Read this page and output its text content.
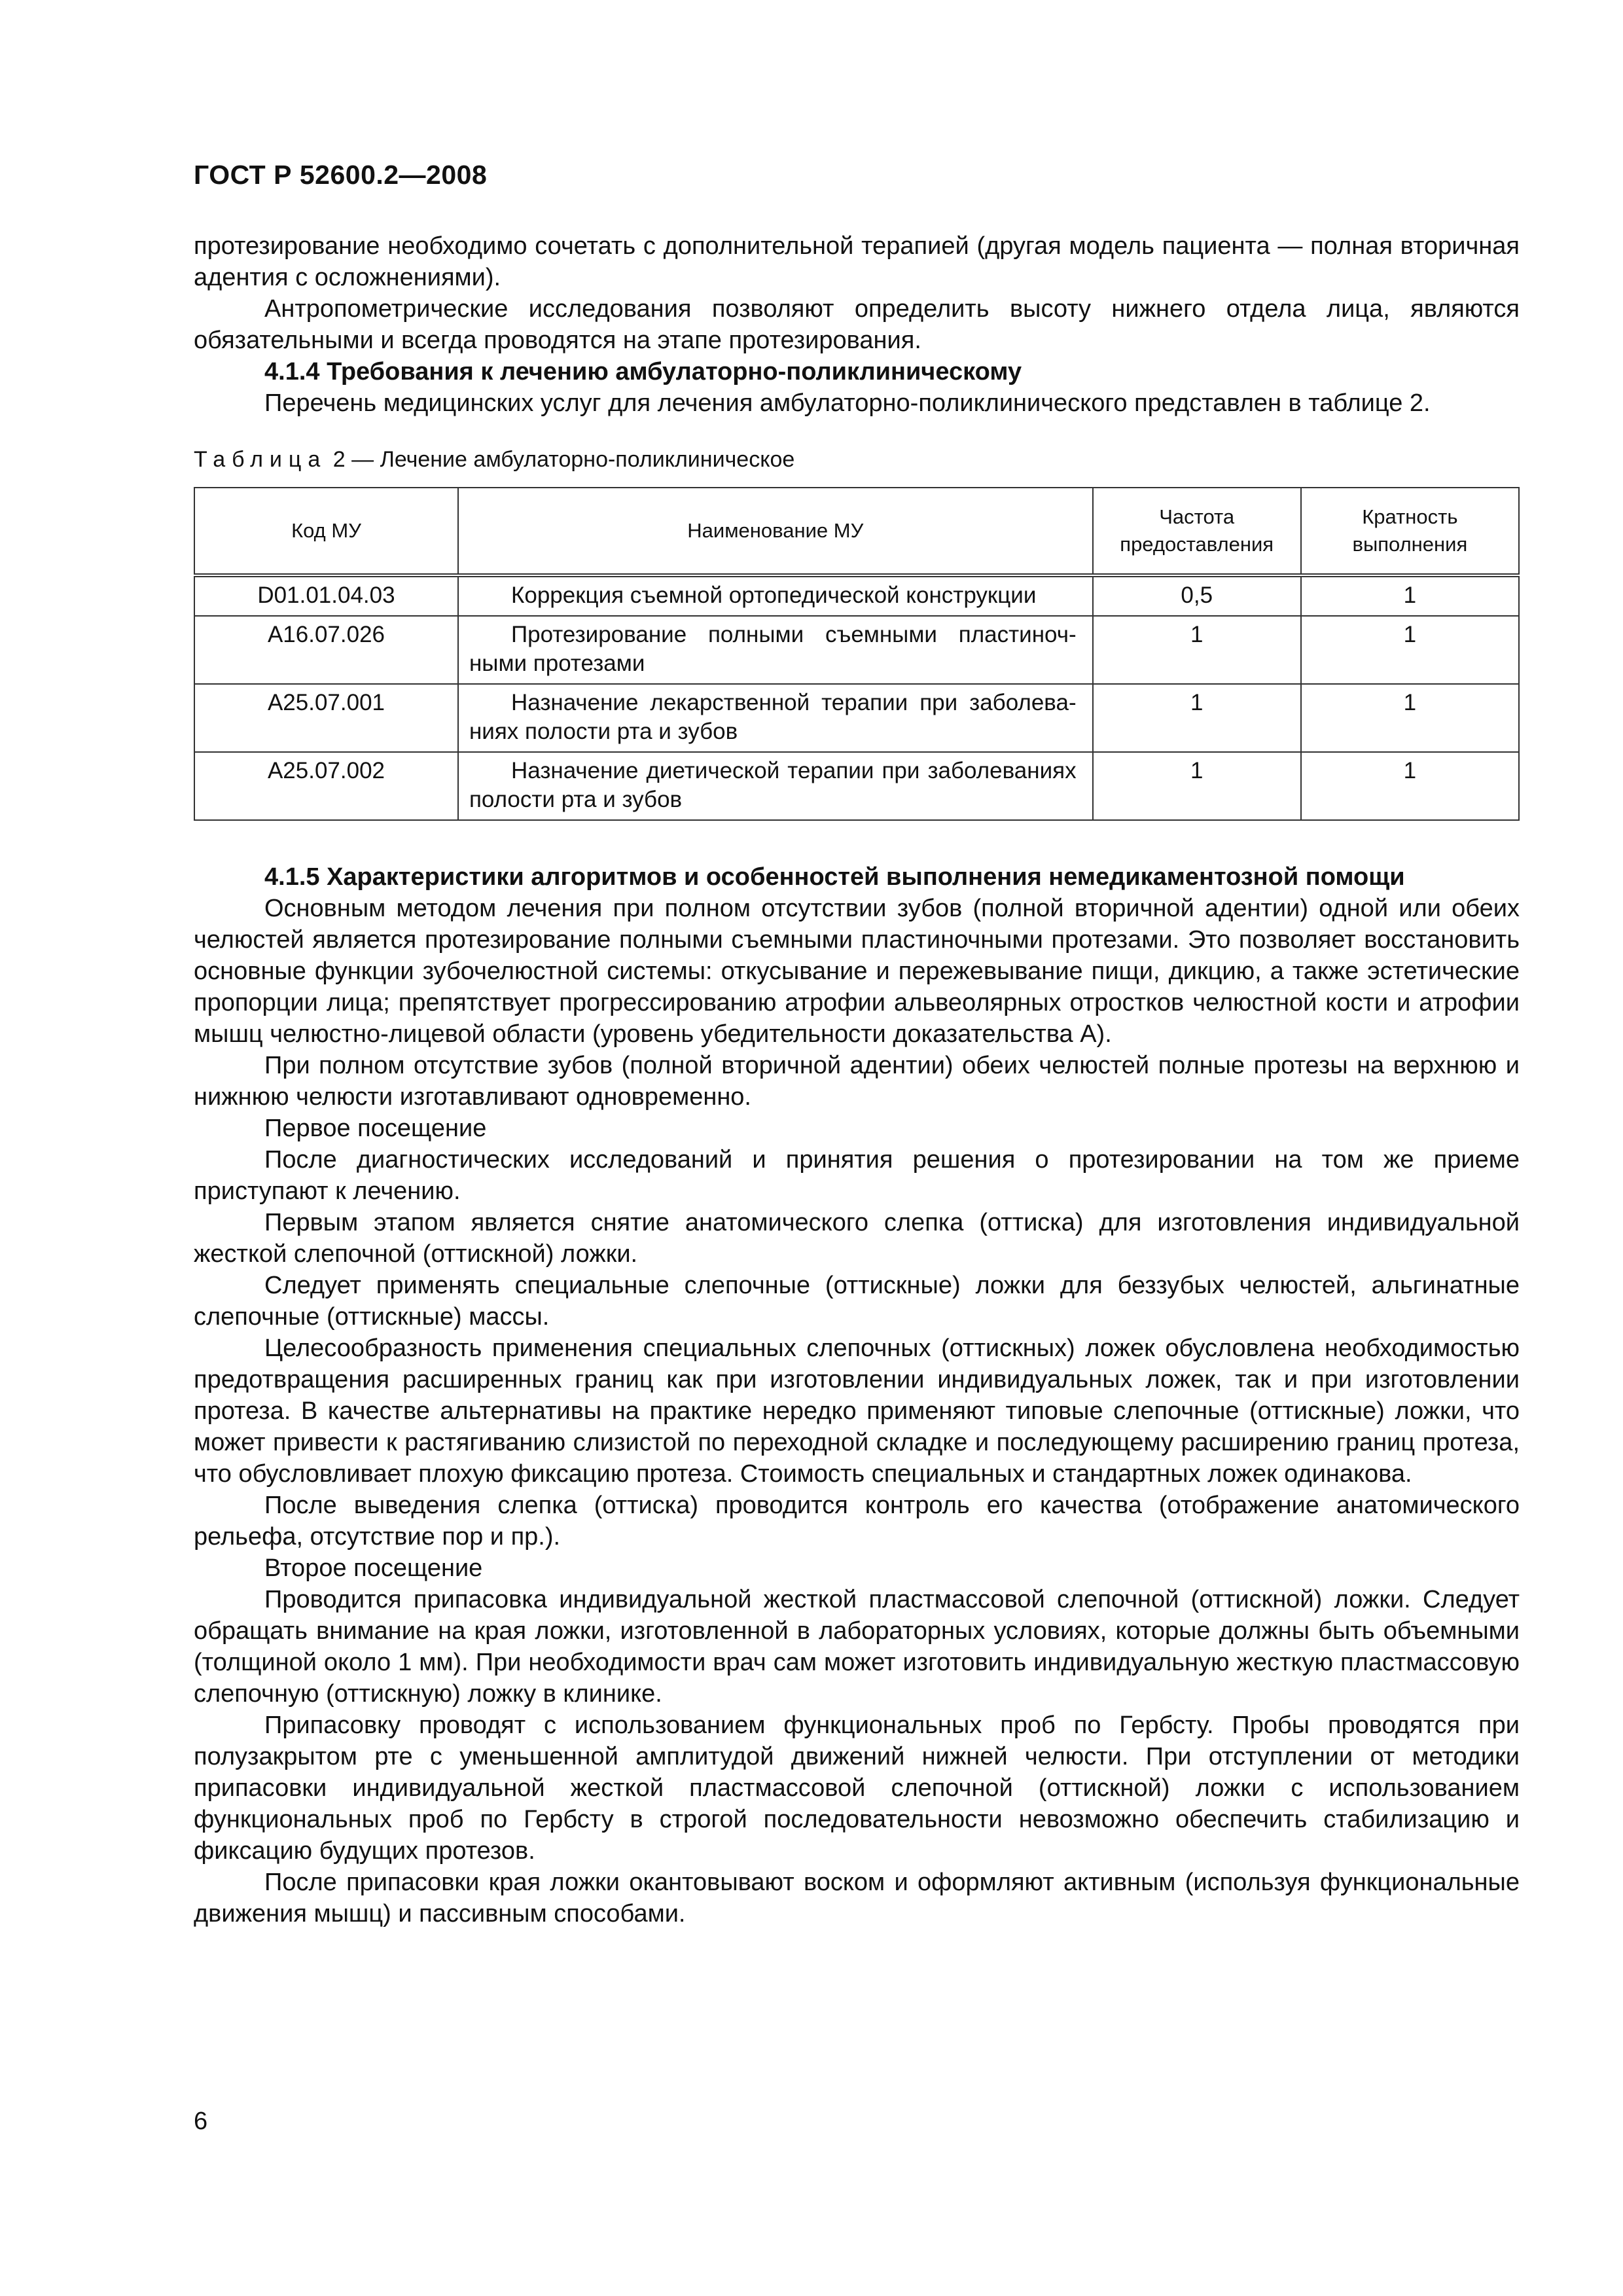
ГОСТ Р 52600.2—2008

протезирование необходимо сочетать с дополнительной терапией (другая модель пациента — полная вторичная адентия с осложнениями).

Антропометрические исследования позволяют определить высоту нижнего отдела лица, являются обязательными и всегда проводятся на этапе протезирования.

4.1.4 Требования к лечению амбулаторно-поликлиническому

Перечень медицинских услуг для лечения амбулаторно-поликлинического представлен в таблице 2.

Таблица 2 — Лечение амбулаторно-поликлиническое
Код МУ	Наименование МУ	Частота предоставления	Кратность выполнения
D01.01.04.03	Коррекция съемной ортопедической конструкции	0,5	1
А16.07.026	Протезирование полными съемными пластиночными протезами	1	1
А25.07.001	Назначение лекарственной терапии при заболеваниях полости рта и зубов	1	1
А25.07.002	Назначение диетической терапии при заболеваниях полости рта и зубов	1	1

4.1.5 Характеристики алгоритмов и особенностей выполнения немедикаментозной помощи

Основным методом лечения при полном отсутствии зубов (полной вторичной адентии) одной или обеих челюстей является протезирование полными съемными пластиночными протезами. Это позволяет восстановить основные функции зубочелюстной системы: откусывание и пережевывание пищи, дикцию, а также эстетические пропорции лица; препятствует прогрессированию атрофии альвеолярных отростков челюстной кости и атрофии мышц челюстно-лицевой области (уровень убедительности доказательства А).

При полном отсутствие зубов (полной вторичной адентии) обеих челюстей полные протезы на верхнюю и нижнюю челюсти изготавливают одновременно.

Первое посещение

После диагностических исследований и принятия решения о протезировании на том же приеме приступают к лечению.

Первым этапом является снятие анатомического слепка (оттиска) для изготовления индивидуальной жесткой слепочной (оттискной) ложки.

Следует применять специальные слепочные (оттискные) ложки для беззубых челюстей, альгинатные слепочные (оттискные) массы.

Целесообразность применения специальных слепочных (оттискных) ложек обусловлена необходимостью предотвращения расширенных границ как при изготовлении индивидуальных ложек, так и при изготовлении протеза. В качестве альтернативы на практике нередко применяют типовые слепочные (оттискные) ложки, что может привести к растягиванию слизистой по переходной складке и последующему расширению границ протеза, что обусловливает плохую фиксацию протеза. Стоимость специальных и стандартных ложек одинакова.

После выведения слепка (оттиска) проводится контроль его качества (отображение анатомического рельефа, отсутствие пор и пр.).

Второе посещение

Проводится припасовка индивидуальной жесткой пластмассовой слепочной (оттискной) ложки. Следует обращать внимание на края ложки, изготовленной в лабораторных условиях, которые должны быть объемными (толщиной около 1 мм). При необходимости врач сам может изготовить индивидуальную жесткую пластмассовую слепочную (оттискную) ложку в клинике.

Припасовку проводят с использованием функциональных проб по Гербсту. Пробы проводятся при полузакрытом рте с уменьшенной амплитудой движений нижней челюсти. При отступлении от методики припасовки индивидуальной жесткой пластмассовой слепочной (оттискной) ложки с использованием функциональных проб по Гербсту в строгой последовательности невозможно обеспечить стабилизацию и фиксацию будущих протезов.

После припасовки края ложки окантовывают воском и оформляют активным (используя функциональные движения мышц) и пассивным способами.

6
